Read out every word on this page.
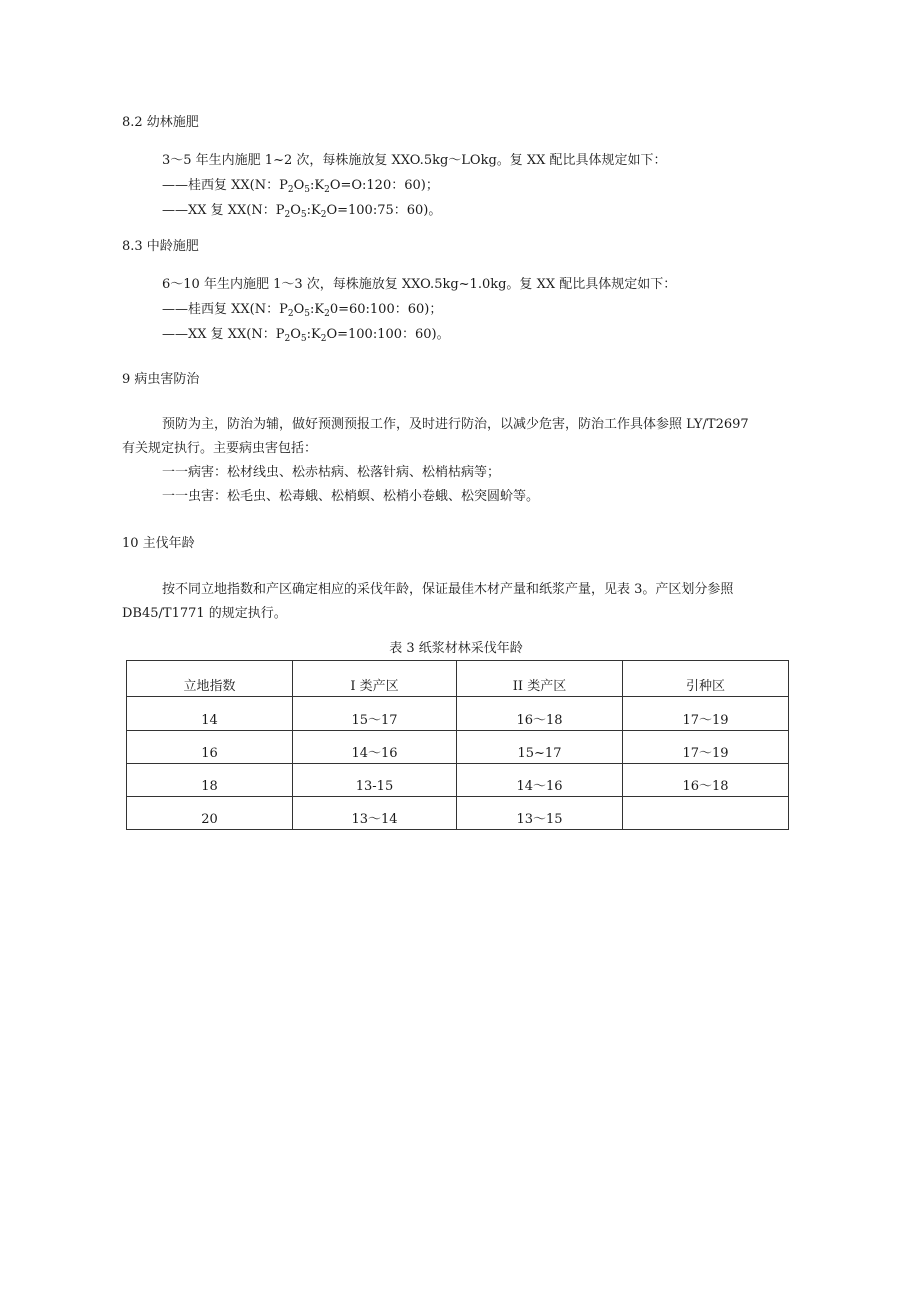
8.2 幼林施肥
3～5 年生内施肥 1~2 次，每株施放复 XXO.5kg～LOkg。复 XX 配比具体规定如下：
——桂西复 XX(N：$P_2O_5:K_2O=O:120$：60)；
——XX 复 XX(N：$P_2O_5:K_2O=100:75$：60)。
8.3 中龄施肥
6～10 年生内施肥 1～3 次，每株施放复 XXO.5kg~1.0kg。复 XX 配比具体规定如下：
——桂西复 XX(N：$P_2O_5:K_20=60:100$：60)；
——XX 复 XX(N：$P_2O_5:K_2O=100:100$：60)。
9 病虫害防治
预防为主，防治为辅，做好预测预报工作，及时进行防治，以减少危害，防治工作具体参照 LY/T2697
有关规定执行。主要病虫害包括：
一一病害：松材线虫、松赤枯病、松落针病、松梢枯病等；
一一虫害：松毛虫、松毒蛾、松梢螟、松梢小卷蛾、松突圆蚧等。
10 主伐年龄
按不同立地指数和产区确定相应的采伐年龄，保证最佳木材产量和纸浆产量，见表 3。产区划分参照
DB45/T1771 的规定执行。
表 3 纸浆材林采伐年龄
立地指数	I 类产区	II 类产区	引种区
14	15～17	16～18	17～19
16	14～16	15~17	17～19
18	13-15	14～16	16～18
20	13～14	13～15	
